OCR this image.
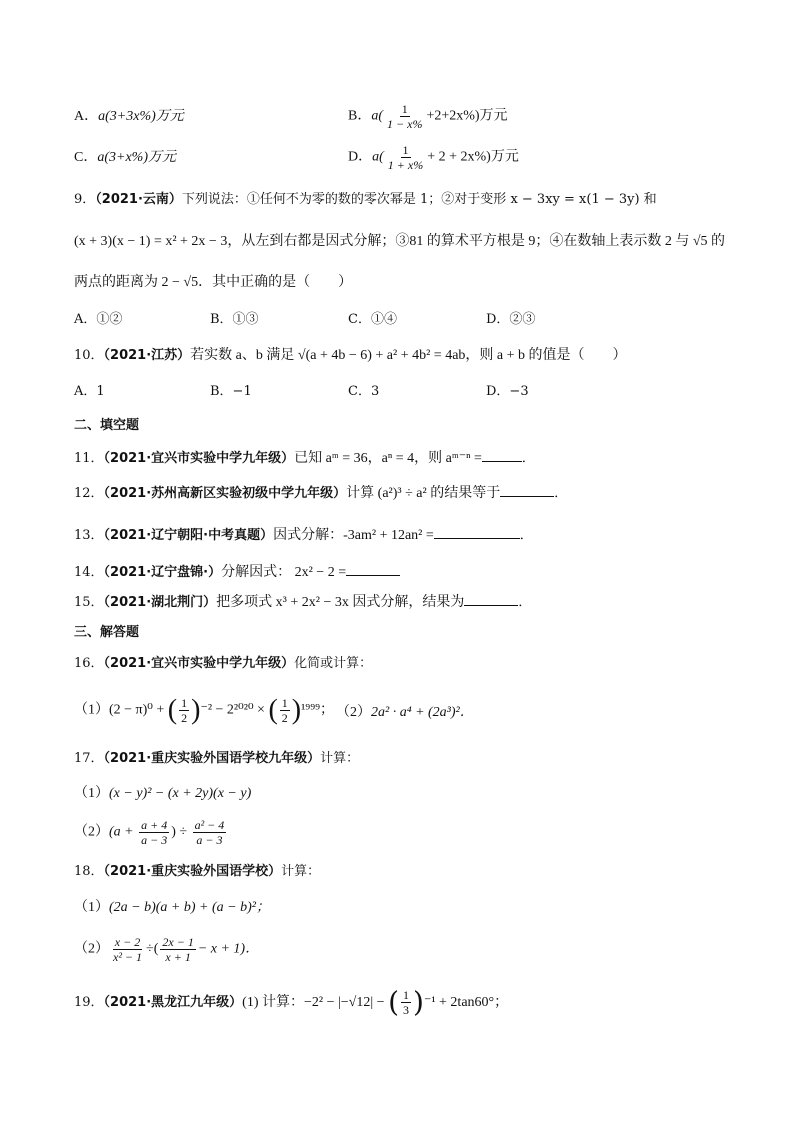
A．a(3+3x%)万元	B．$a( \frac{1}{1 - x\%} +2+2x\%)$万元
C．a(3+x%)万元	D．$a( \frac{1}{1 + x\%} + 2 + 2x\%)$万元
9．（2021·云南）下列说法：①任何不为零的数的零次幂是 1；②对于变形 x − 3xy = x(1 − 3y) 和
(x + 3)(x − 1) = x² + 2x − 3，从左到右都是因式分解；③81 的算术平方根是 9；④在数轴上表示数 2 与 √5 的
两点的距离为 2 − √5．其中正确的是（　　）
A．①②	B．①③	C．①④	D．②③
10．（2021·江苏）若实数 a、b 满足 √(a + 4b − 6) + a² + 4b² = 4ab，则 a + b 的值是（　　）
A．1	B．−1	C．3	D．−3
二、填空题
11．（2021·宜兴市实验中学九年级）已知 aᵐ = 36，aⁿ = 4，则 aᵐ⁻ⁿ =	．
12．（2021·苏州高新区实验初级中学九年级）计算 (a²)³ ÷ a² 的结果等于	．
13．（2021·辽宁朝阳·中考真题）因式分解：-3am² + 12an² =	．
14．（2021·辽宁盘锦·）分解因式： 2x² − 2 =
15．（2021·湖北荆门）把多项式 x³ + 2x² − 3x 因式分解，结果为	．
三、解答题
16．（2021·宜兴市实验中学九年级）化简或计算：
（1）(2 − π)⁰ + ( $\frac{1}{2} )^{-2} - 2^{2020}$ × ( $\frac{1}{2} )^{1999}$； （2）2a² · a⁴ + (2a³)²．
17．（2021·重庆实验外国语学校九年级）计算：
（1）(x − y)² − (x + 2y)(x − y)
$(2)(a + \frac{a + 4}{a - 3}$ ) ÷ $\frac{\text{a² − 4}}{a - 3}$
18．（2021·重庆实验外国语学校）计算：
（1）(2a − b)(a + b) + (a − b)²；
$(2) \frac{x - 2}{\text{x² − 1}}$ ÷( $\frac{2x - 1}{x + 1} - x + 1$)．
19．（2021·黑龙江九年级）(1) 计算：−2² − |−√12| − ( $\frac{1}{3} )^{-1} + 2\tan 60^\circ$；
